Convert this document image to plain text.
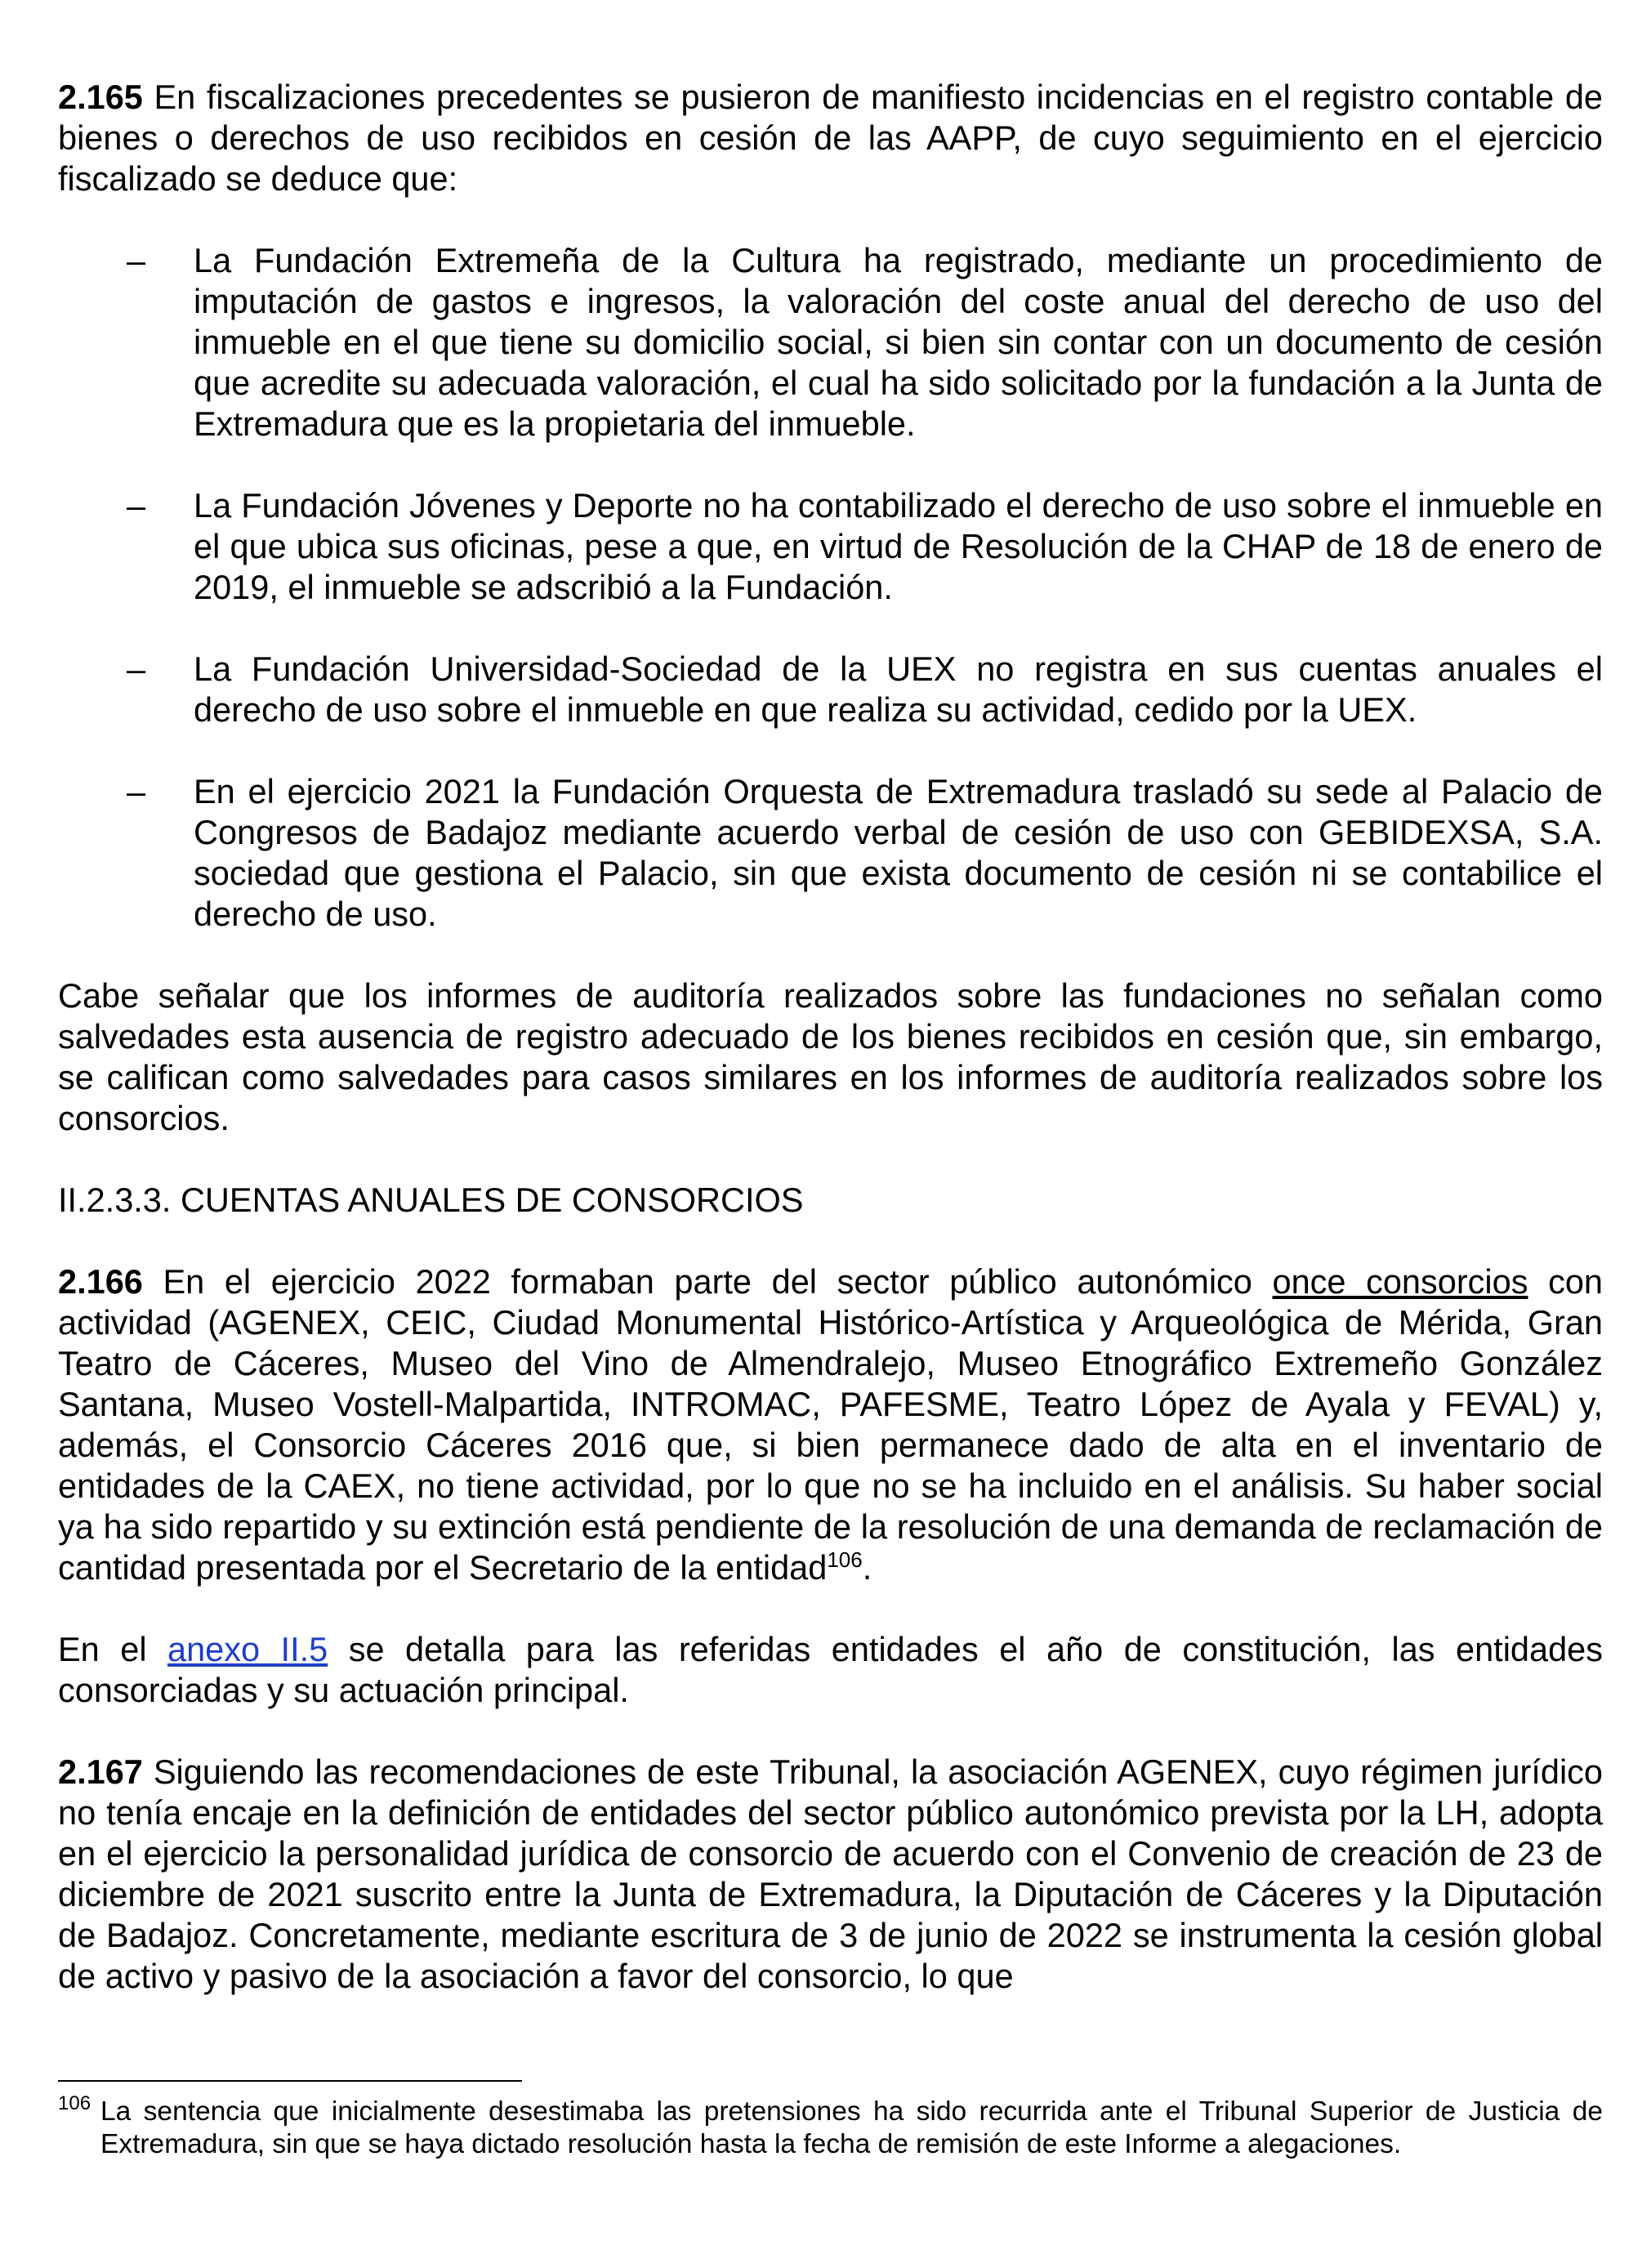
2.165 En fiscalizaciones precedentes se pusieron de manifiesto incidencias en el registro contable de bienes o derechos de uso recibidos en cesión de las AAPP, de cuyo seguimiento en el ejercicio fiscalizado se deduce que:

–	La Fundación Extremeña de la Cultura ha registrado, mediante un procedimiento de imputación de gastos e ingresos, la valoración del coste anual del derecho de uso del inmueble en el que tiene su domicilio social, si bien sin contar con un documento de cesión que acredite su adecuada valoración, el cual ha sido solicitado por la fundación a la Junta de Extremadura que es la propietaria del inmueble.

–	La Fundación Jóvenes y Deporte no ha contabilizado el derecho de uso sobre el inmueble en el que ubica sus oficinas, pese a que, en virtud de Resolución de la CHAP de 18 de enero de 2019, el inmueble se adscribió a la Fundación.

–	La Fundación Universidad-Sociedad de la UEX no registra en sus cuentas anuales el derecho de uso sobre el inmueble en que realiza su actividad, cedido por la UEX.

–	En el ejercicio 2021 la Fundación Orquesta de Extremadura trasladó su sede al Palacio de Congresos de Badajoz mediante acuerdo verbal de cesión de uso con GEBIDEXSA, S.A. sociedad que gestiona el Palacio, sin que exista documento de cesión ni se contabilice el derecho de uso.

Cabe señalar que los informes de auditoría realizados sobre las fundaciones no señalan como salvedades esta ausencia de registro adecuado de los bienes recibidos en cesión que, sin embargo, se califican como salvedades para casos similares en los informes de auditoría realizados sobre los consorcios.

II.2.3.3. CUENTAS ANUALES DE CONSORCIOS

2.166 En el ejercicio 2022 formaban parte del sector público autonómico once consorcios con actividad (AGENEX, CEIC, Ciudad Monumental Histórico-Artística y Arqueológica de Mérida, Gran Teatro de Cáceres, Museo del Vino de Almendralejo, Museo Etnográfico Extremeño González Santana, Museo Vostell-Malpartida, INTROMAC, PAFESME, Teatro López de Ayala y FEVAL) y, además, el Consorcio Cáceres 2016 que, si bien permanece dado de alta en el inventario de entidades de la CAEX, no tiene actividad, por lo que no se ha incluido en el análisis. Su haber social ya ha sido repartido y su extinción está pendiente de la resolución de una demanda de reclamación de cantidad presentada por el Secretario de la entidad$^{106}$.

En el anexo II.5 se detalla para las referidas entidades el año de constitución, las entidades consorciadas y su actuación principal.

2.167 Siguiendo las recomendaciones de este Tribunal, la asociación AGENEX, cuyo régimen jurídico no tenía encaje en la definición de entidades del sector público autonómico prevista por la LH, adopta en el ejercicio la personalidad jurídica de consorcio de acuerdo con el Convenio de creación de 23 de diciembre de 2021 suscrito entre la Junta de Extremadura, la Diputación de Cáceres y la Diputación de Badajoz. Concretamente, mediante escritura de 3 de junio de 2022 se instrumenta la cesión global de activo y pasivo de la asociación a favor del consorcio, lo que

106 La sentencia que inicialmente desestimaba las pretensiones ha sido recurrida ante el Tribunal Superior de Justicia de Extremadura, sin que se haya dictado resolución hasta la fecha de remisión de este Informe a alegaciones.
